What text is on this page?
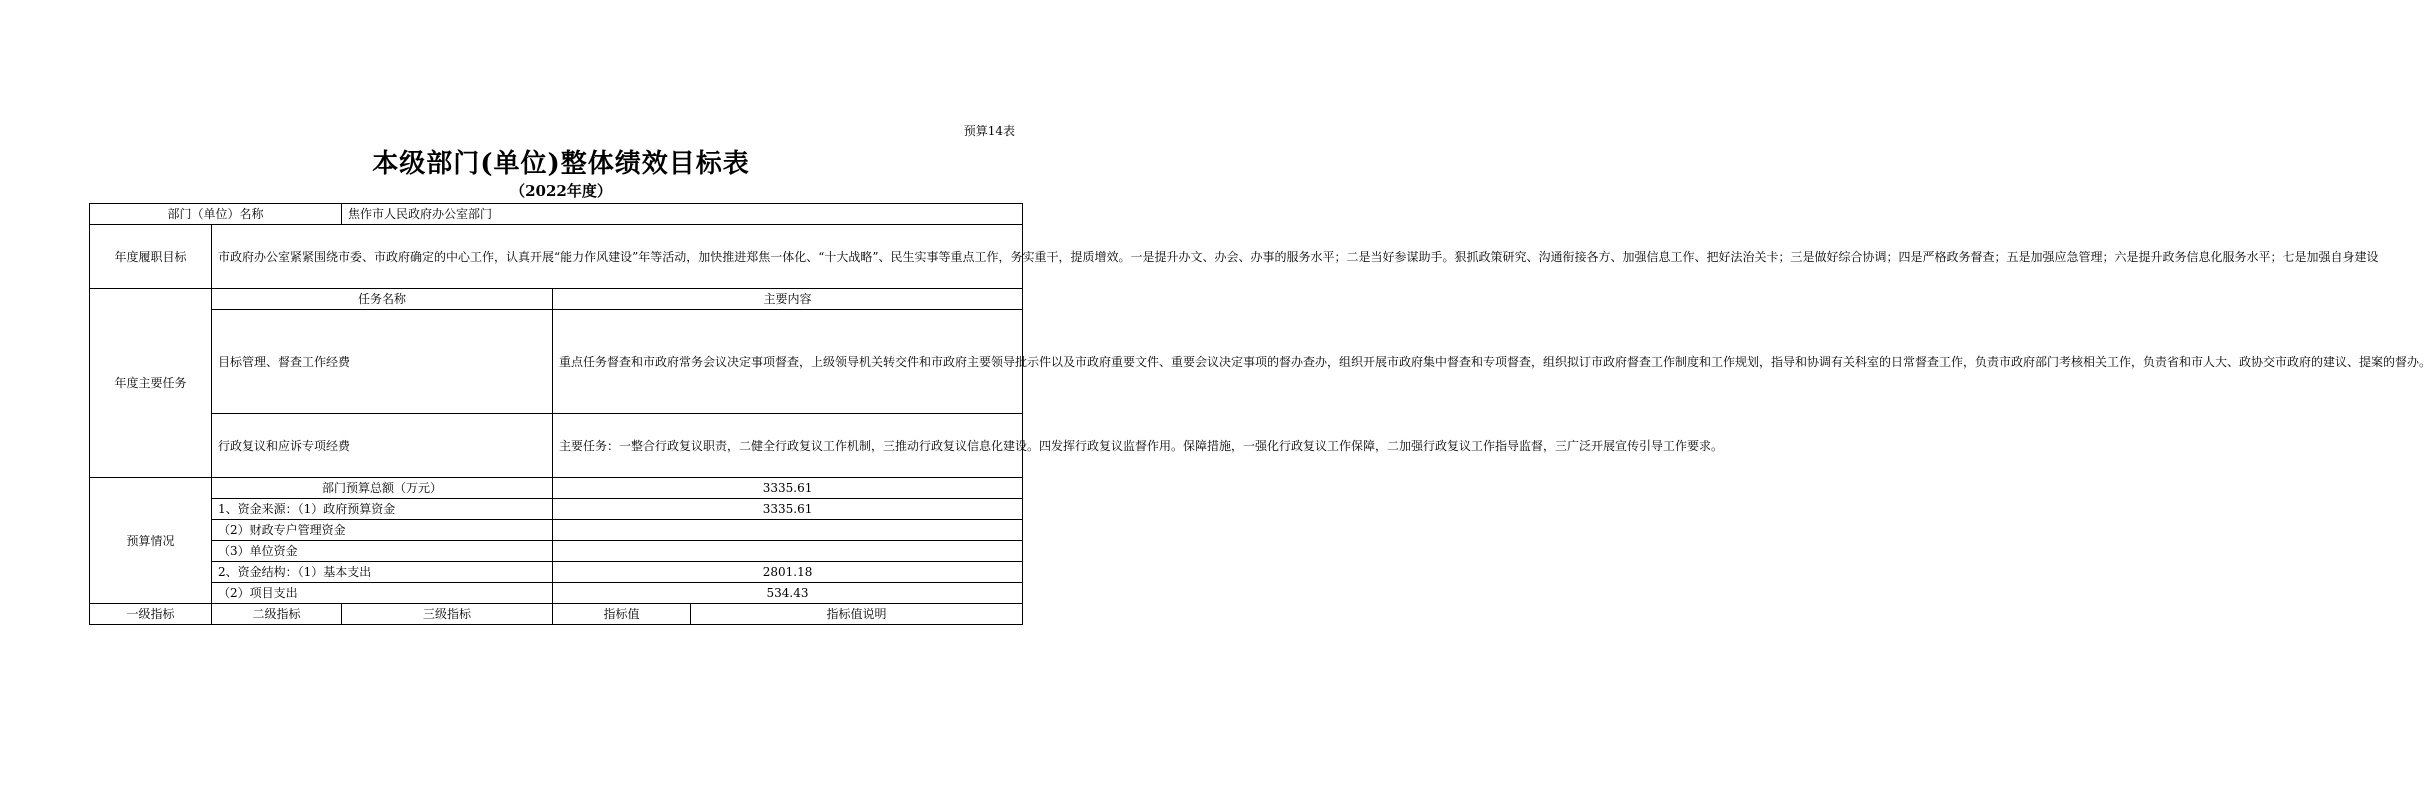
预算14表
本级部门(单位)整体绩效目标表
（2022年度）
部门（单位）名称		焦作市人民政府办公室部门		
年度履职目标	市政府办公室紧紧围绕市委、市政府确定的中心工作，认真开展“能力作风建设”年等活动，加快推进郑焦一体化、“十大战略”、民生实事等重点工作，务实重干，提质增效。一是提升办文、办会、办事的服务水平；二是当好参谋助手。狠抓政策研究、沟通衔接各方、加强信息工作、把好法治关卡；三是做好综合协调；四是严格政务督查；五是加强应急管理；六是提升政务信息化服务水平；七是加强自身建设			
年度主要任务	任务名称		主要内容	
	目标管理、督查工作经费		重点任务督查和市政府常务会议决定事项督查，上级领导机关转交件和市政府主要领导批示件以及市政府重要文件、重要会议决定事项的督办查办，组织开展市政府集中督查和专项督查，组织拟订市政府督查工作制度和工作规划，指导和协调有关科室的日常督查工作，负责市政府部门考核相关工作，负责省和市人大、政协交市政府的建议、提案的督办。	
	行政复议和应诉专项经费		主要任务：一整合行政复议职责，二健全行政复议工作机制，三推动行政复议信息化建设。四发挥行政复议监督作用。保障措施，一强化行政复议工作保障，二加强行政复议工作指导监督，三广泛开展宣传引导工作要求。	
预算情况	部门预算总额（万元）		3335.61	
	1、资金来源：（1）政府预算资金		3335.61	
	（2）财政专户管理资金			
	（3）单位资金			
	2、资金结构：（1）基本支出		2801.18	
	（2）项目支出		534.43	
一级指标	二级指标	三级指标	指标值	指标值说明
